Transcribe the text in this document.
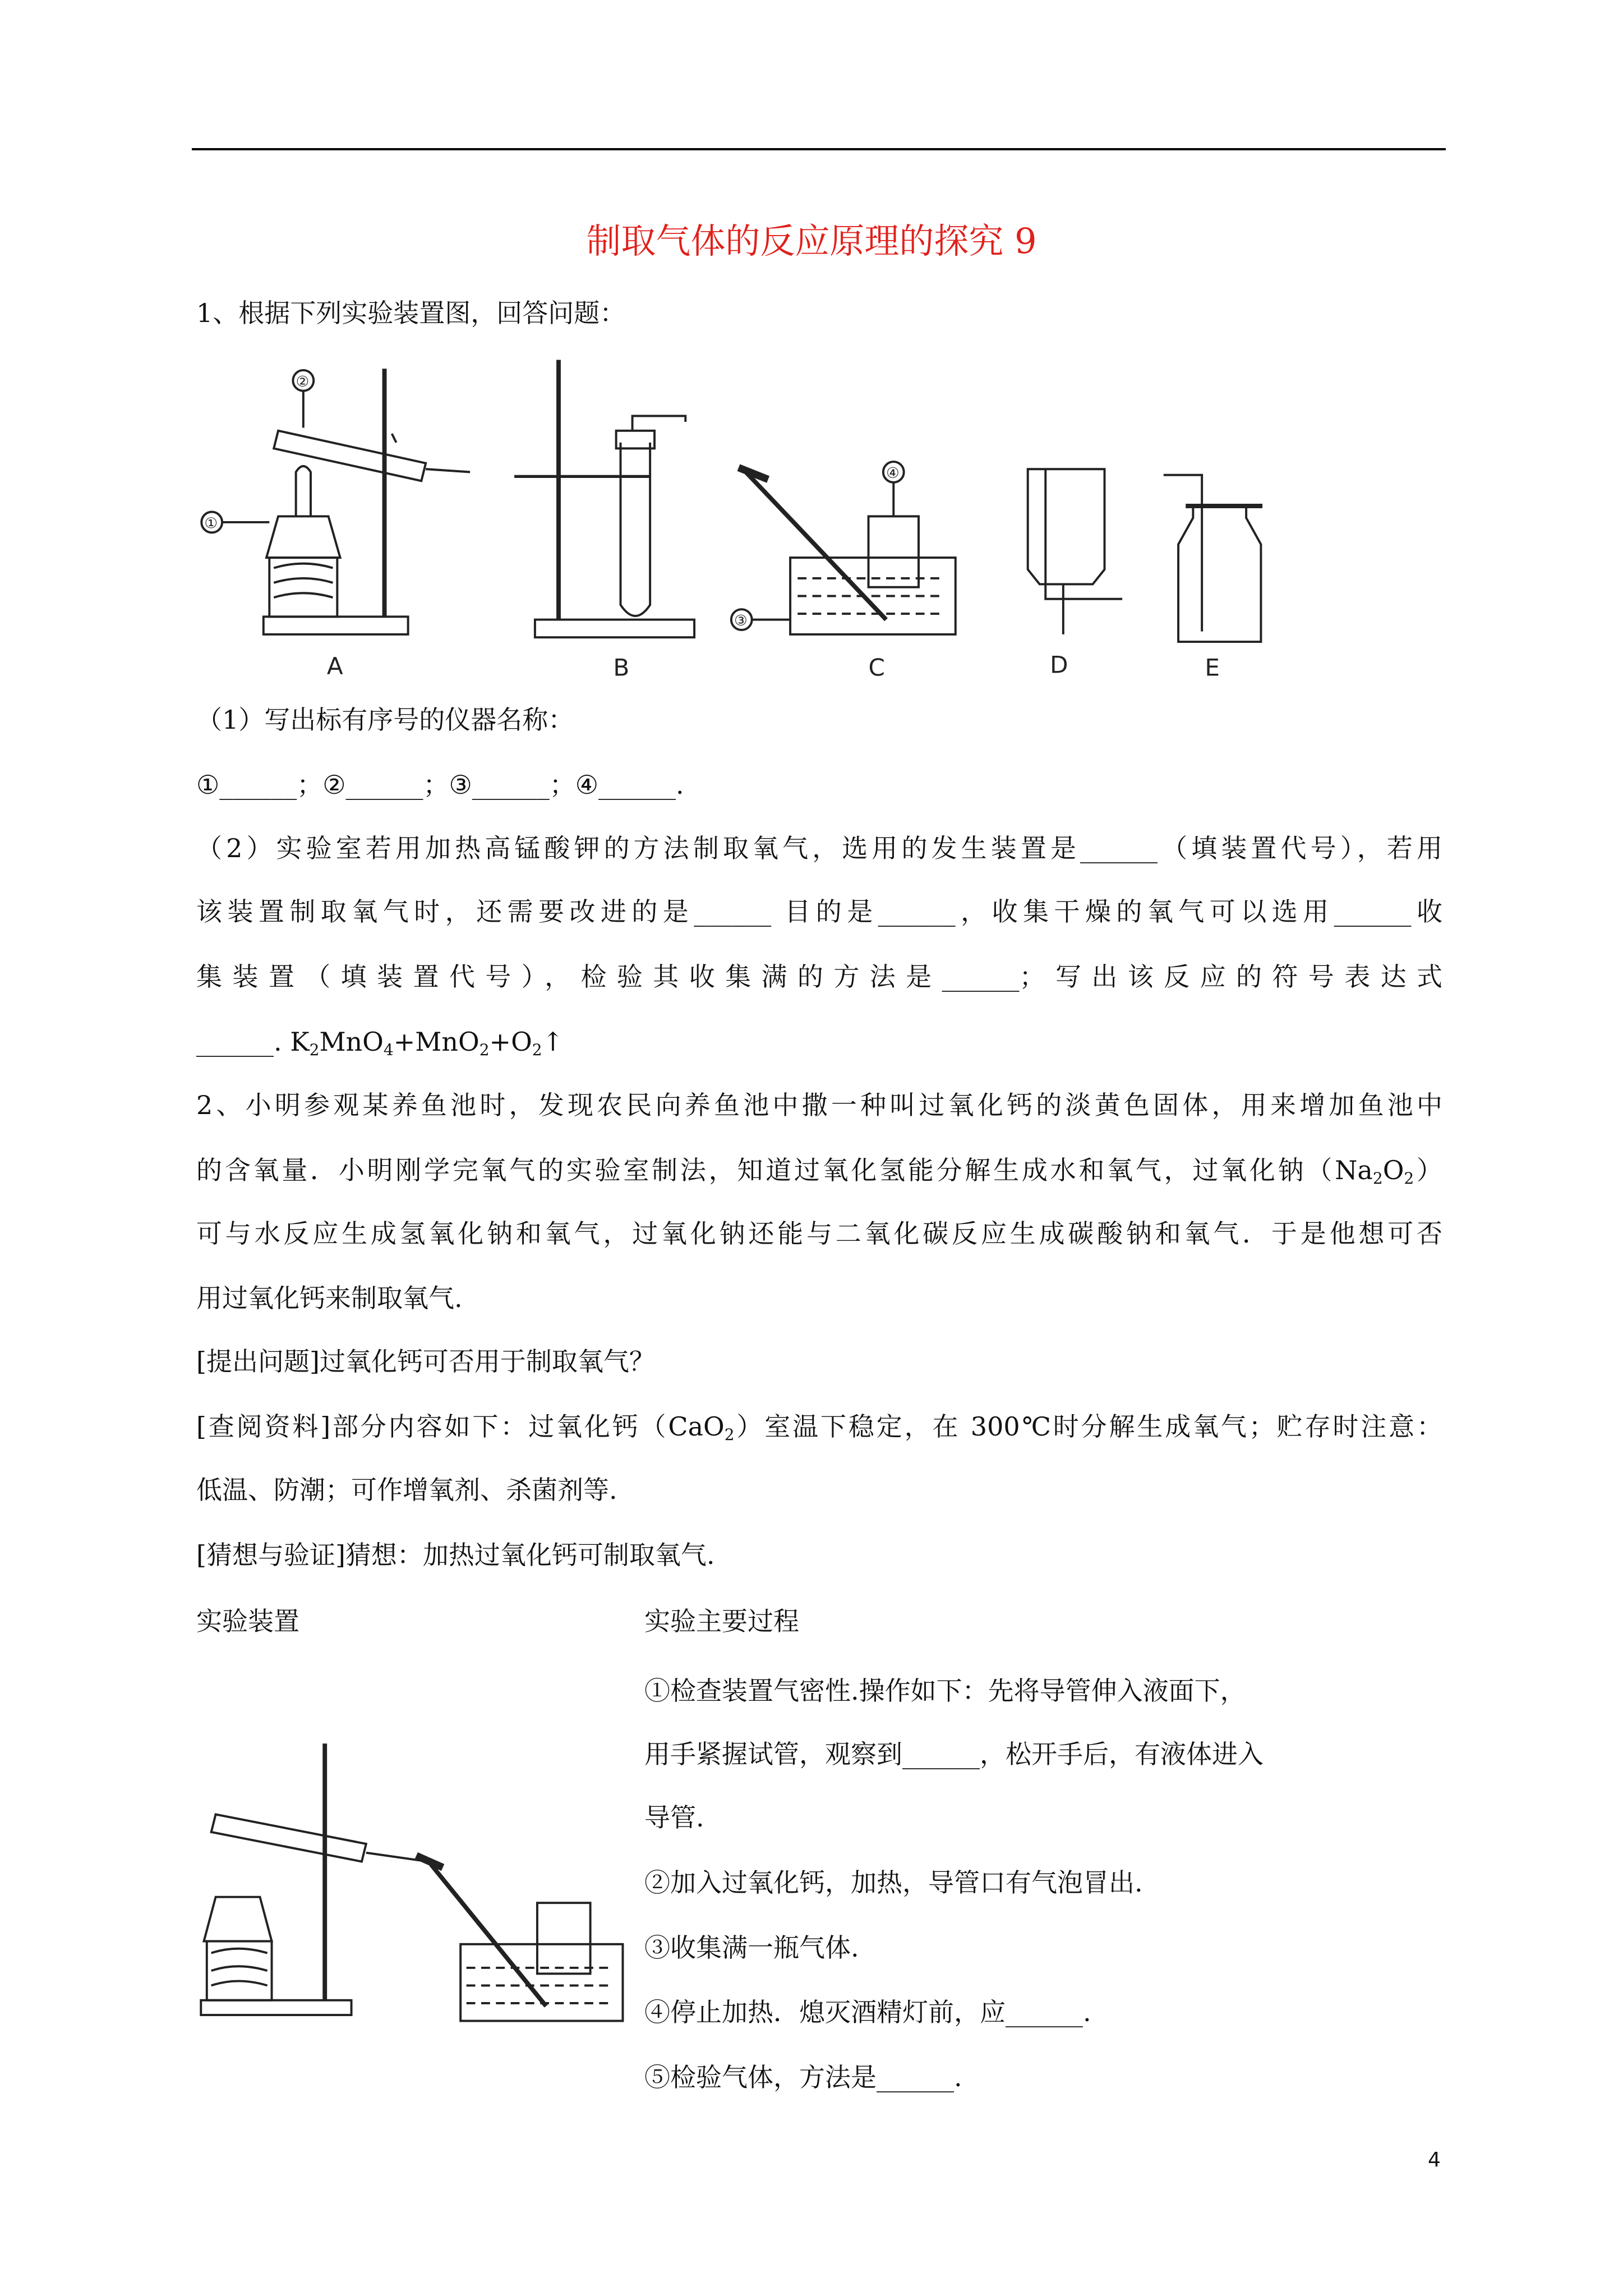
制取气体的反应原理的探究 9
②
①
A	B
④
③
C	D	E
1、根据下列实验装置图，回答问题：
（1）写出标有序号的仪器名称：
①______；②______；③______；④______.
（2）实验室若用加热高锰酸钾的方法制取氧气，选用的发生装置是______（填装置代号），若用
该装置制取氧气时，还需要改进的是______ 目的是______，收集干燥的氧气可以选用______收
集装置（填装置代号），检验其收集满的方法是______；写出该反应的符号表达式
______. $K_2MnO_4+MnO_2+O_2↑$
2、小明参观某养鱼池时，发现农民向养鱼池中撒一种叫过氧化钙的淡黄色固体，用来增加鱼池中
的含氧量．小明刚学完氧气的实验室制法，知道过氧化氢能分解生成水和氧气，过氧化钠$(Na_2O_2)$
可与水反应生成氢氧化钠和氧气，过氧化钠还能与二氧化碳反应生成碳酸钠和氧气．于是他想可否
用过氧化钙来制取氧气.
[提出问题]过氧化钙可否用于制取氧气？
[查阅资料]部分内容如下：过氧化钙（CaO$_2$）室温下稳定，在 300℃时分解生成氧气；贮存时注意：
低温、防潮；可作增氧剂、杀菌剂等.
[猜想与验证]猜想：加热过氧化钙可制取氧气.
实验装置	实验主要过程
①检查装置气密性.操作如下：先将导管伸入液面下，
用手紧握试管，观察到______，松开手后，有液体进入
导管.
②加入过氧化钙，加热，导管口有气泡冒出.
③收集满一瓶气体.
④停止加热．熄灭酒精灯前，应______.
⑤检验气体，方法是______.
4
